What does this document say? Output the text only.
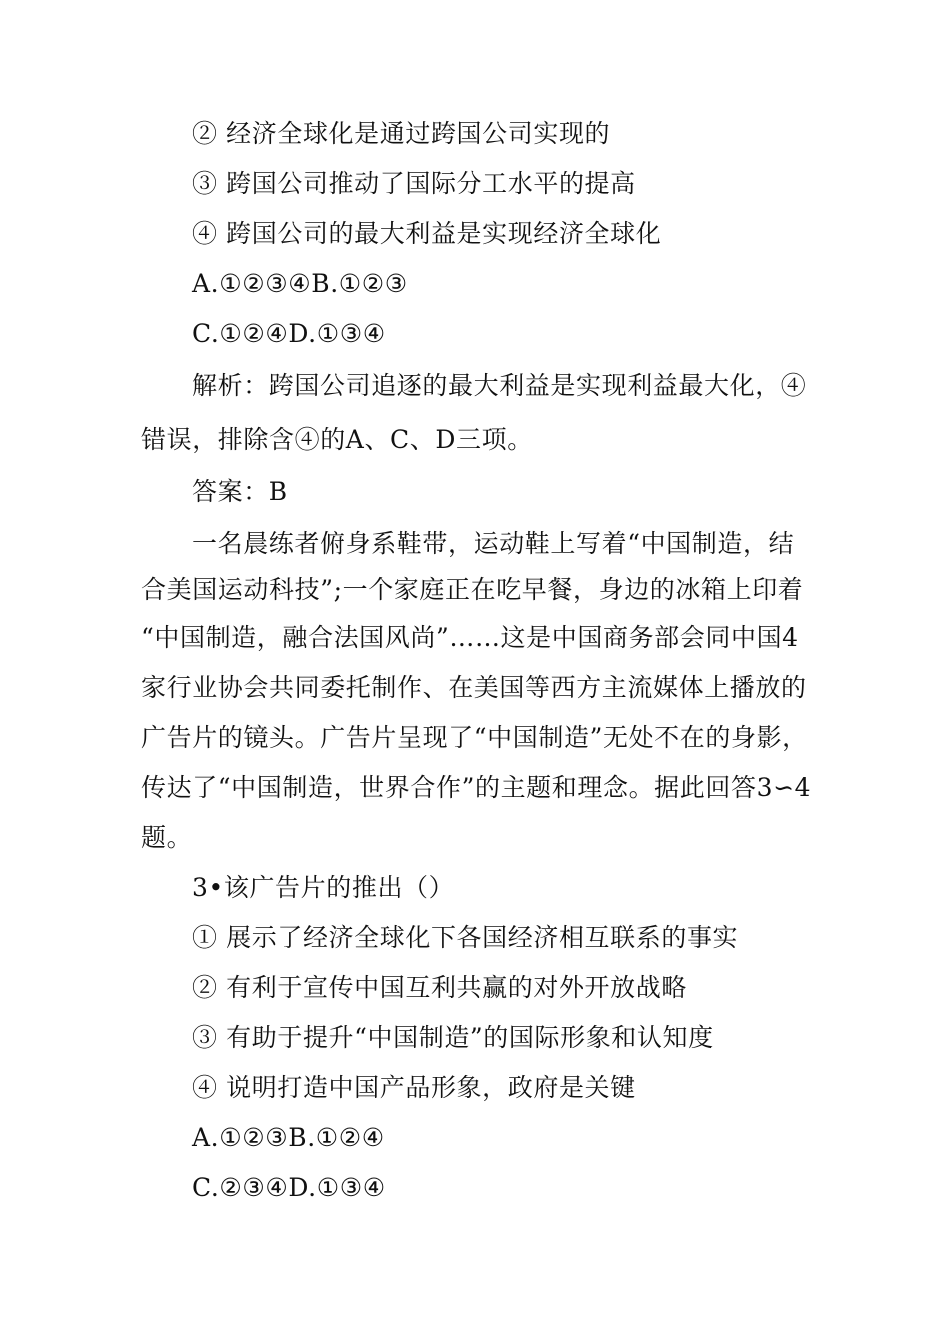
② 经济全球化是通过跨国公司实现的
③ 跨国公司推动了国际分工水平的提高
④ 跨国公司的最大利益是实现经济全球化
A.①②③④B.①②③
C.①②④D.①③④
解析：跨国公司追逐的最大利益是实现利益最大化，④
错误，排除含④的A、C、D三项。
答案：B
一名晨练者俯身系鞋带，运动鞋上写着“中国制造，结
合美国运动科技”;一个家庭正在吃早餐，身边的冰箱上印着
“中国制造，融合法国风尚”……这是中国商务部会同中国4
家行业协会共同委托制作、在美国等西方主流媒体上播放的
广告片的镜头。广告片呈现了“中国制造”无处不在的身影，
传达了“中国制造，世界合作”的主题和理念。据此回答3∽4
题。
3•该广告片的推出（）
① 展示了经济全球化下各国经济相互联系的事实
② 有利于宣传中国互利共赢的对外开放战略
③ 有助于提升“中国制造”的国际形象和认知度
④ 说明打造中国产品形象，政府是关键
A.①②③B.①②④
C.②③④D.①③④
